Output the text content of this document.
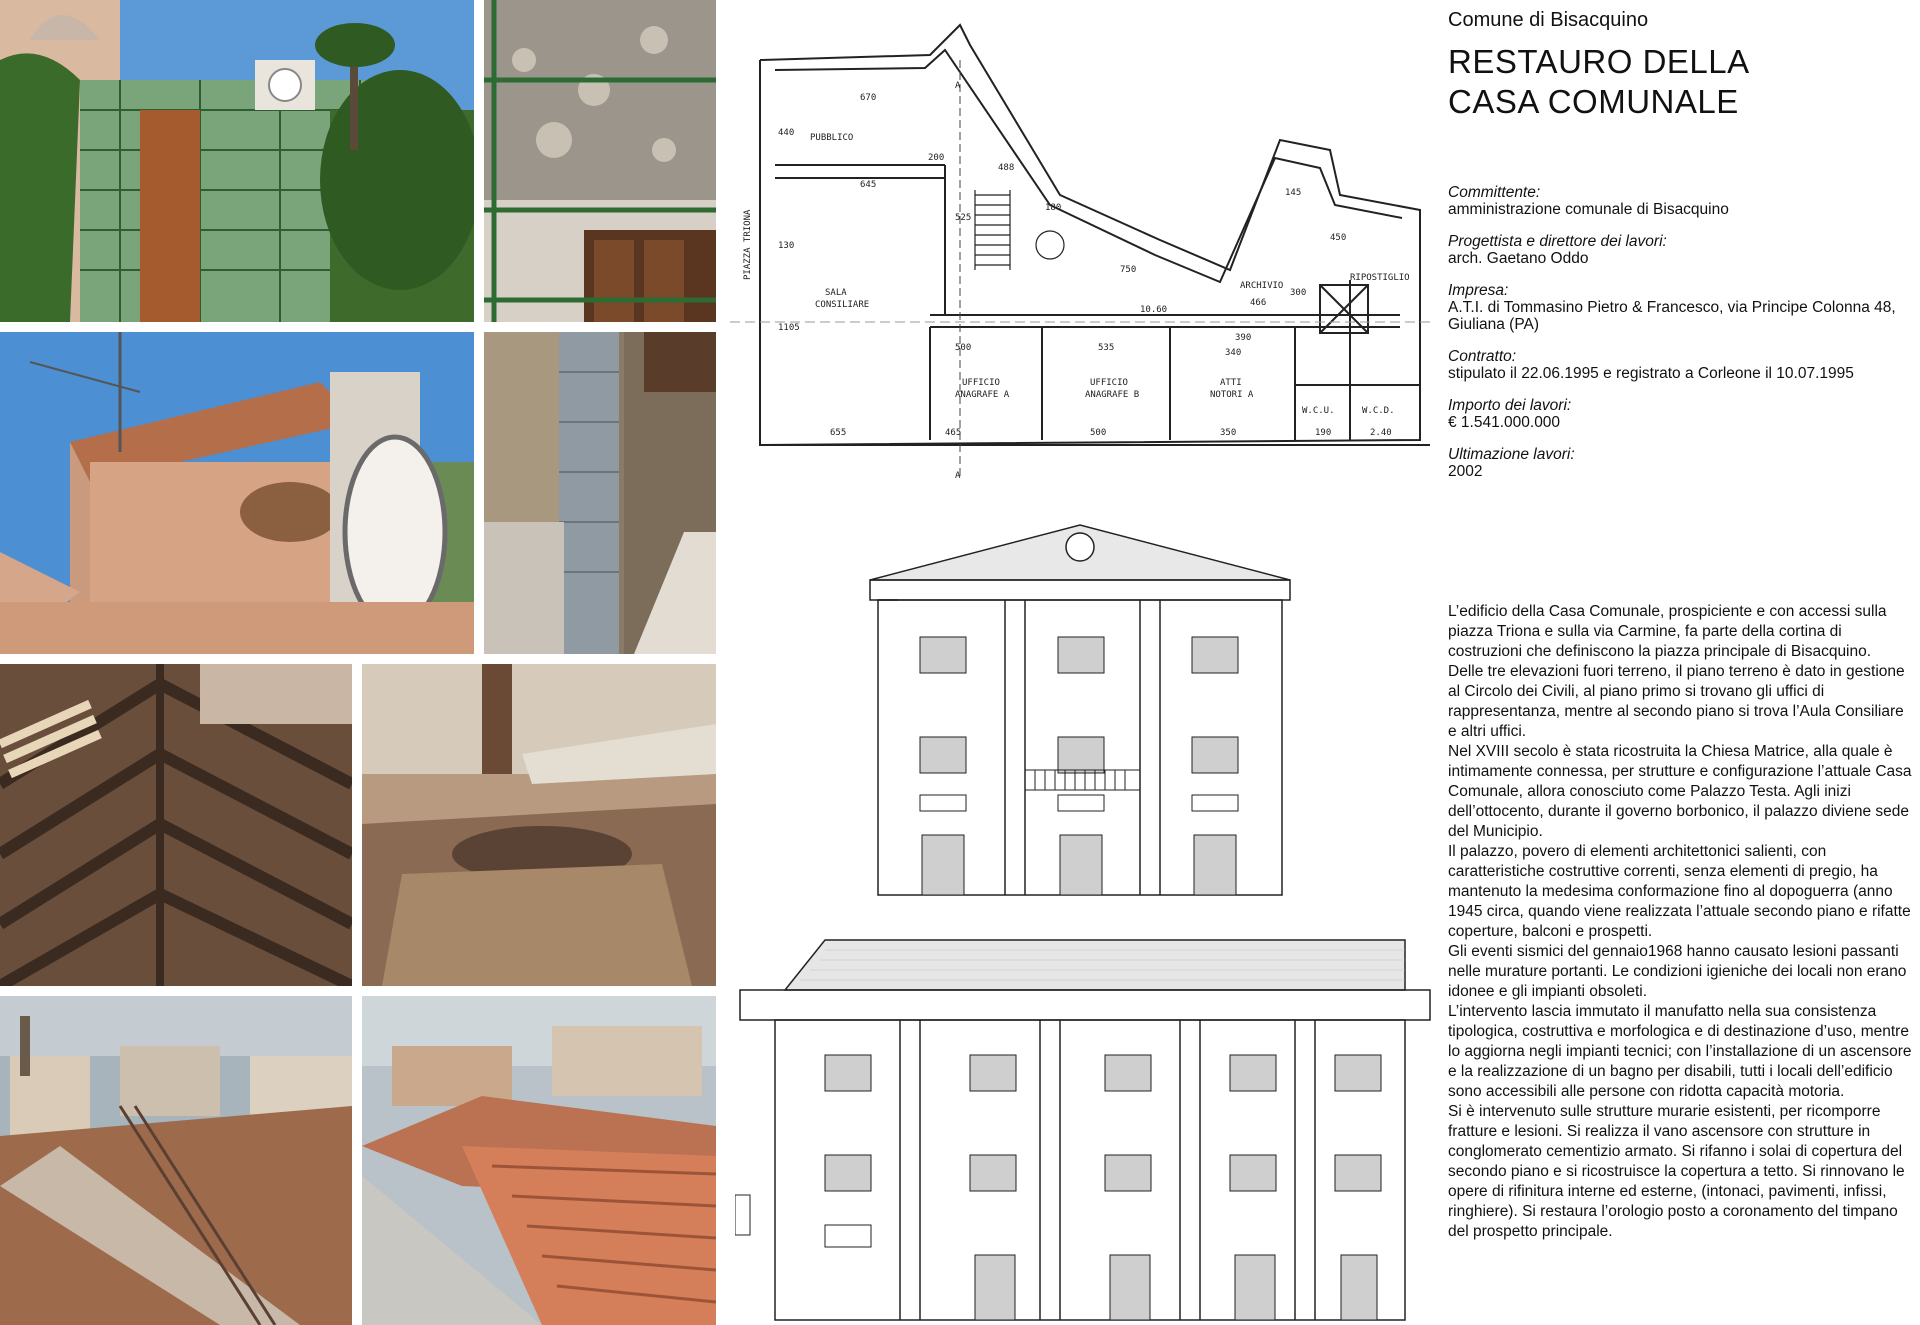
PUBBLICO
SALA
CONSILIARE
UFFICIO
ANAGRAFE A
UFFICIO
ANAGRAFE B
ATTI
NOTORI A
ARCHIVIO
RIPOSTIGLIO
W.C.U.	W.C.D.
PIAZZA TRIONA
A
A
670
440
645
200
488
180
525
750
10.60
500	535	340
655	465	500	350
145
300
450
466
390
2.40
190
130
1105

Comune di Bisacquino

RESTAURO DELLA
CASA COMUNALE
Committente:
amministrazione comunale di Bisacquino
Progettista e direttore dei lavori:
arch. Gaetano Oddo
Impresa:
A.T.I. di Tommasino Pietro & Francesco, via Principe Colonna 48, Giuliana (PA)
Contratto:
stipulato il 22.06.1995 e registrato a Corleone il 10.07.1995
Importo dei lavori:
€ 1.541.000.000
Ultimazione lavori:
2002

L’edificio della Casa Comunale, prospiciente e con accessi sulla piazza Triona e sulla via Carmine, fa parte della cortina di costruzioni che definiscono la piazza principale di Bisacquino.

Delle tre elevazioni fuori terreno, il piano terreno è dato in gestione al Circolo dei Civili, al piano primo si trovano gli uffici di rappresentanza, mentre al secondo piano si trova l’Aula Consiliare e altri uffici.

Nel XVIII secolo è stata ricostruita la Chiesa Matrice, alla quale è intimamente connessa, per strutture e configurazione l’attuale Casa Comunale, allora conosciuto come Palazzo Testa. Agli inizi dell’ottocento, durante il governo borbonico, il palazzo diviene sede del Municipio.

Il palazzo, povero di elementi architettonici salienti, con caratteristiche costruttive correnti, senza elementi di pregio, ha mantenuto la medesima conformazione fino al dopoguerra (anno 1945 circa, quando viene realizzata l’attuale secondo piano e rifatte coperture, balconi e prospetti.

Gli eventi sismici del gennaio1968 hanno causato lesioni passanti nelle murature portanti. Le condizioni igieniche dei locali non erano idonee e gli impianti obsoleti.

L’intervento lascia immutato il manufatto nella sua consistenza tipologica, costruttiva e morfologica e di destinazione d’uso, mentre lo aggiorna negli impianti tecnici; con l’installazione di un ascensore e la realizzazione di un bagno per disabili, tutti i locali dell’edificio sono accessibili alle persone con ridotta capacità motoria.

Si è intervenuto sulle strutture murarie esistenti, per ricomporre fratture e lesioni. Si realizza il vano ascensore con strutture in conglomerato cementizio armato. Si rifanno i solai di copertura del secondo piano e si ricostruisce la copertura a tetto. Si rinnovano le opere di rifinitura interne ed esterne, (intonaci, pavimenti, infissi, ringhiere). Si restaura l’orologio posto a coronamento del timpano del prospetto principale.
